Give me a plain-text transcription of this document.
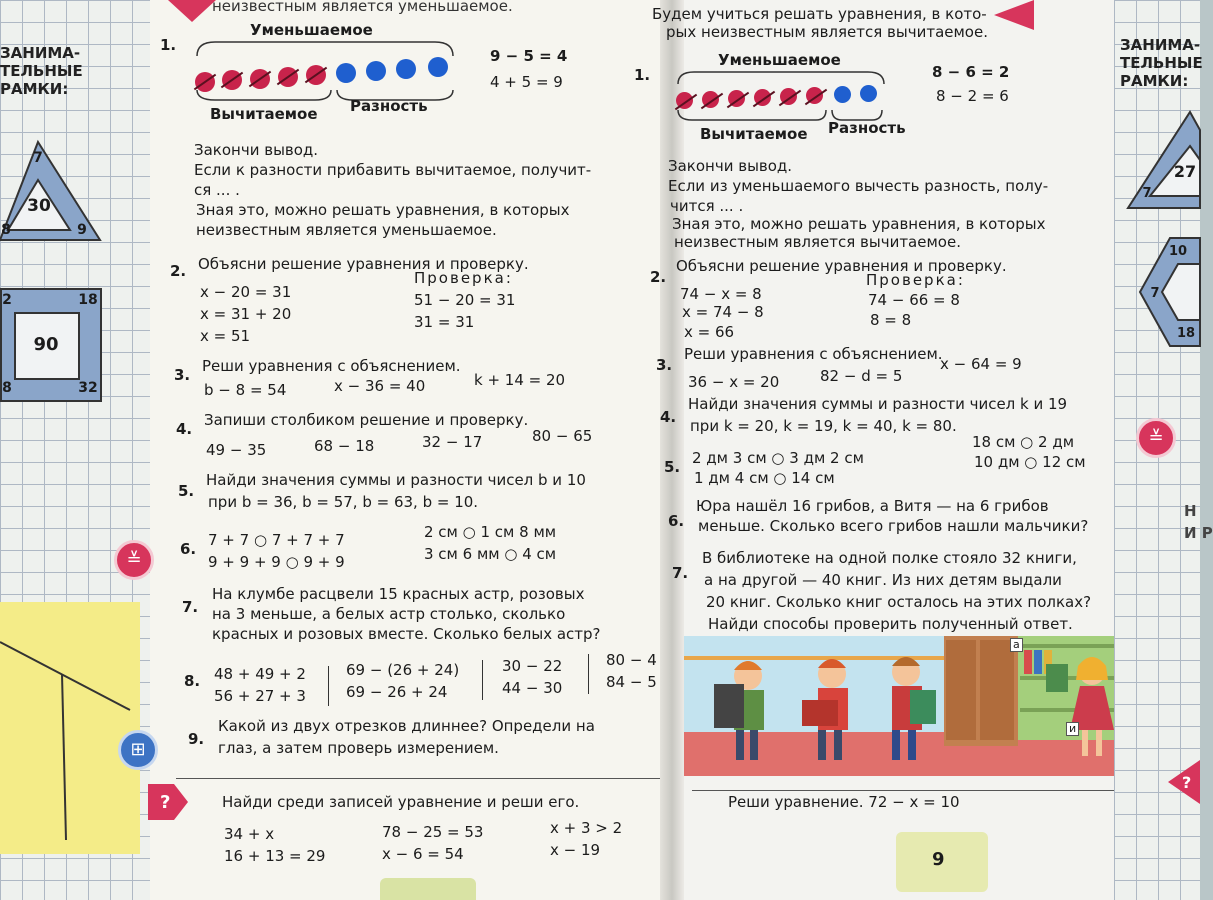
ЗАНИМА-
ТЕЛЬНЫЕ
РАМКИ:
7
30
8	9
90
2	18
8	32
неизвестным является уменьшаемое.
1.
Уменьшаемое
Вычитаемое Разность
9 − 5 = 4
4 + 5 = 9
Закончи вывод.
Если к разности прибавить вычитаемое, получит-
ся ... .
Зная это, можно решать уравнения, в которых
неизвестным является уменьшаемое.
2. Объясни решение уравнения и проверку.
x − 20 = 31
x = 31 + 20
x = 51
Проверка:
51 − 20 = 31
31 = 31
3. Реши уравнения с объяснением.
b − 8 = 54	x − 36 = 40	k + 14 = 20
4. Запиши столбиком решение и проверку.
49 − 35	68 − 18	32 − 17	80 − 65
5.
Найди значения суммы и разности чисел b и 10
при b = 36, b = 57, b = 63, b = 10.
6. 7 + 7 ○ 7 + 7 + 7
9 + 9 + 9 ○ 9 + 9
2 см ○ 1 см 8 мм
3 см 6 мм ○ 4 см
7.
На клумбе расцвели 15 красных астр, розовых
на 3 меньше, а белых астр столько, сколько
красных и розовых вместе. Сколько белых астр?
8. 48 + 49 + 2
56 + 27 + 3
69 − (26 + 24)
69 − 26 + 24
30 − 22
44 − 30
80 − 4
84 − 5
9.
Какой из двух отрезков длиннее? Определи на
глаз, а затем проверь измерением.
Найди среди записей уравнение и реши его.
34 + x	78 − 25 = 53	x + 3 > 2
16 + 13 = 29	x − 6 = 54	x − 19
≚
⊞
?
Будем учиться решать уравнения, в кото-
рых неизвестным является вычитаемое.
1.
Уменьшаемое
Вычитаемое Разность
8 − 6 = 2
8 − 2 = 6
Закончи вывод.
Если из уменьшаемого вычесть разность, полу-
чится ... .
Зная это, можно решать уравнения, в которых
неизвестным является вычитаемое.
2.
Объясни решение уравнения и проверку.
74 − x = 8
x = 74 − 8
x = 66
Проверка:
74 − 66 = 8
8 = 8
3.
Реши уравнения с объяснением.
36 − x = 20	82 − d = 5
x − 64 = 9
4.
Найди значения суммы и разности чисел k и 19
при k = 20, k = 19, k = 40, k = 80.
5. 2 дм 3 см ○ 3 дм 2 см
1 дм 4 см ○ 14 см
18 см ○ 2 дм
10 дм ○ 12 см
6.
Юра нашёл 16 грибов, а Витя — на 6 грибов
меньше. Сколько всего грибов нашли мальчики?
7.
В библиотеке на одной полке стояло 32 книги,
а на другой — 40 книг. Из них детям выдали
20 книг. Сколько книг осталось на этих полках?
Найди способы проверить полученный ответ.
а
и
Реши уравнение. 72 − x = 10
9
ЗАНИМА-
ТЕЛЬНЫЕ
РАМКИ:
27
7
10
7
18
≚
Н
И Р
?
